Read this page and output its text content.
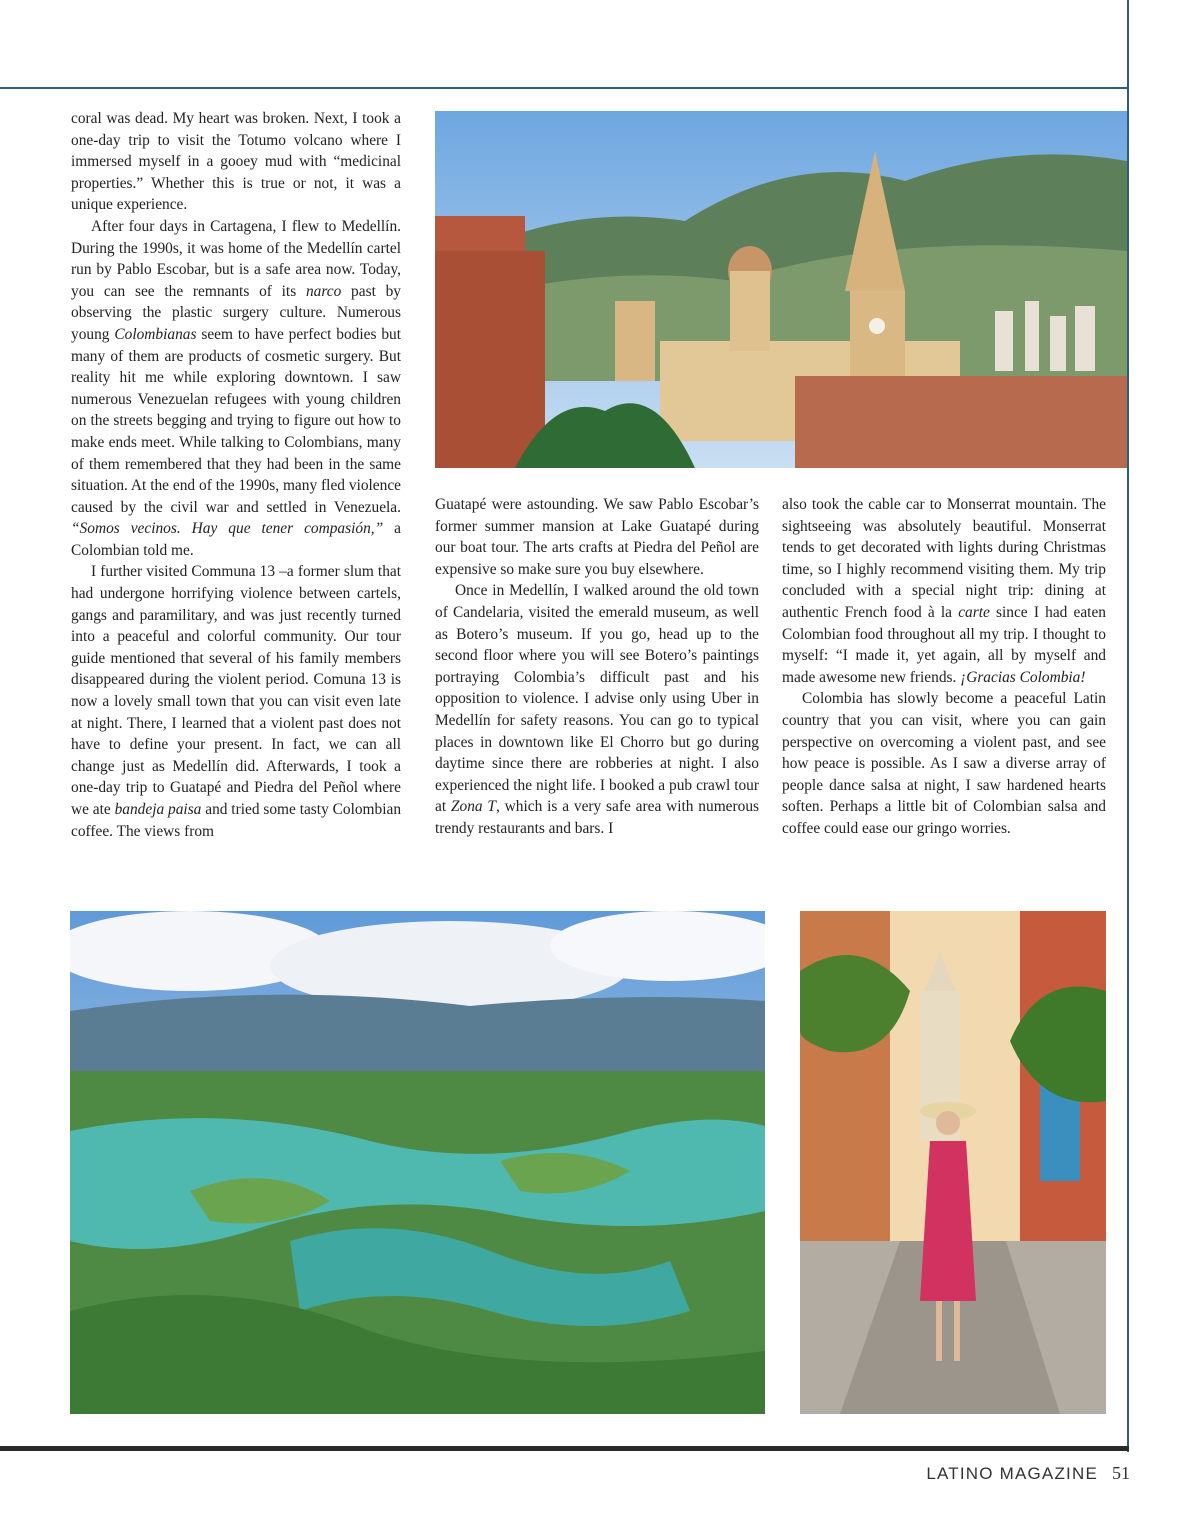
coral was dead. My heart was broken. Next, I took a one-day trip to visit the Totumo volcano where I immersed myself in a gooey mud with “medicinal properties.” Whether this is true or not, it was a unique experience.

After four days in Cartagena, I flew to Medellín. During the 1990s, it was home of the Medellín cartel run by Pablo Escobar, but is a safe area now. Today, you can see the remnants of its narco past by observing the plastic surgery culture. Numerous young Colombianas seem to have perfect bodies but many of them are products of cosmetic surgery. But reality hit me while exploring downtown. I saw numerous Venezuelan refugees with young children on the streets begging and trying to figure out how to make ends meet. While talking to Colombians, many of them remembered that they had been in the same situation. At the end of the 1990s, many fled violence caused by the civil war and settled in Venezuela. “Somos vecinos. Hay que tener compasión,” a Colombian told me.

I further visited Communa 13 –a former slum that had undergone horrifying violence between cartels, gangs and paramilitary, and was just recently turned into a peaceful and colorful community. Our tour guide mentioned that several of his family members disappeared during the violent period. Comuna 13 is now a lovely small town that you can visit even late at night. There, I learned that a violent past does not have to define your present. In fact, we can all change just as Medellín did. Afterwards, I took a one-day trip to Guatapé and Piedra del Peñol where we ate bandeja paisa and tried some tasty Colombian coffee. The views from

Guatapé were astounding. We saw Pablo Escobar’s former summer mansion at Lake Guatapé during our boat tour. The arts crafts at Piedra del Peñol are expensive so make sure you buy elsewhere.

Once in Medellín, I walked around the old town of Candelaria, visited the emerald museum, as well as Botero’s museum. If you go, head up to the second floor where you will see Botero’s paintings portraying Colombia’s difficult past and his opposition to violence. I advise only using Uber in Medellín for safety reasons. You can go to typical places in downtown like El Chorro but go during daytime since there are robberies at night. I also experienced the night life. I booked a pub crawl tour at Zona T, which is a very safe area with numerous trendy restaurants and bars. I

also took the cable car to Monserrat mountain. The sightseeing was absolutely beautiful. Monserrat tends to get decorated with lights during Christmas time, so I highly recommend visiting them. My trip concluded with a special night trip: dining at authentic French food à la carte since I had eaten Colombian food throughout all my trip. I thought to myself: “I made it, yet again, all by myself and made awesome new friends. ¡Gracias Colombia!

Colombia has slowly become a peaceful Latin country that you can visit, where you can gain perspective on overcoming a violent past, and see how peace is possible. As I saw a diverse array of people dance salsa at night, I saw hardened hearts soften. Perhaps a little bit of Colombian salsa and coffee could ease our gringo worries.

LATINO MAGAZINE 51
